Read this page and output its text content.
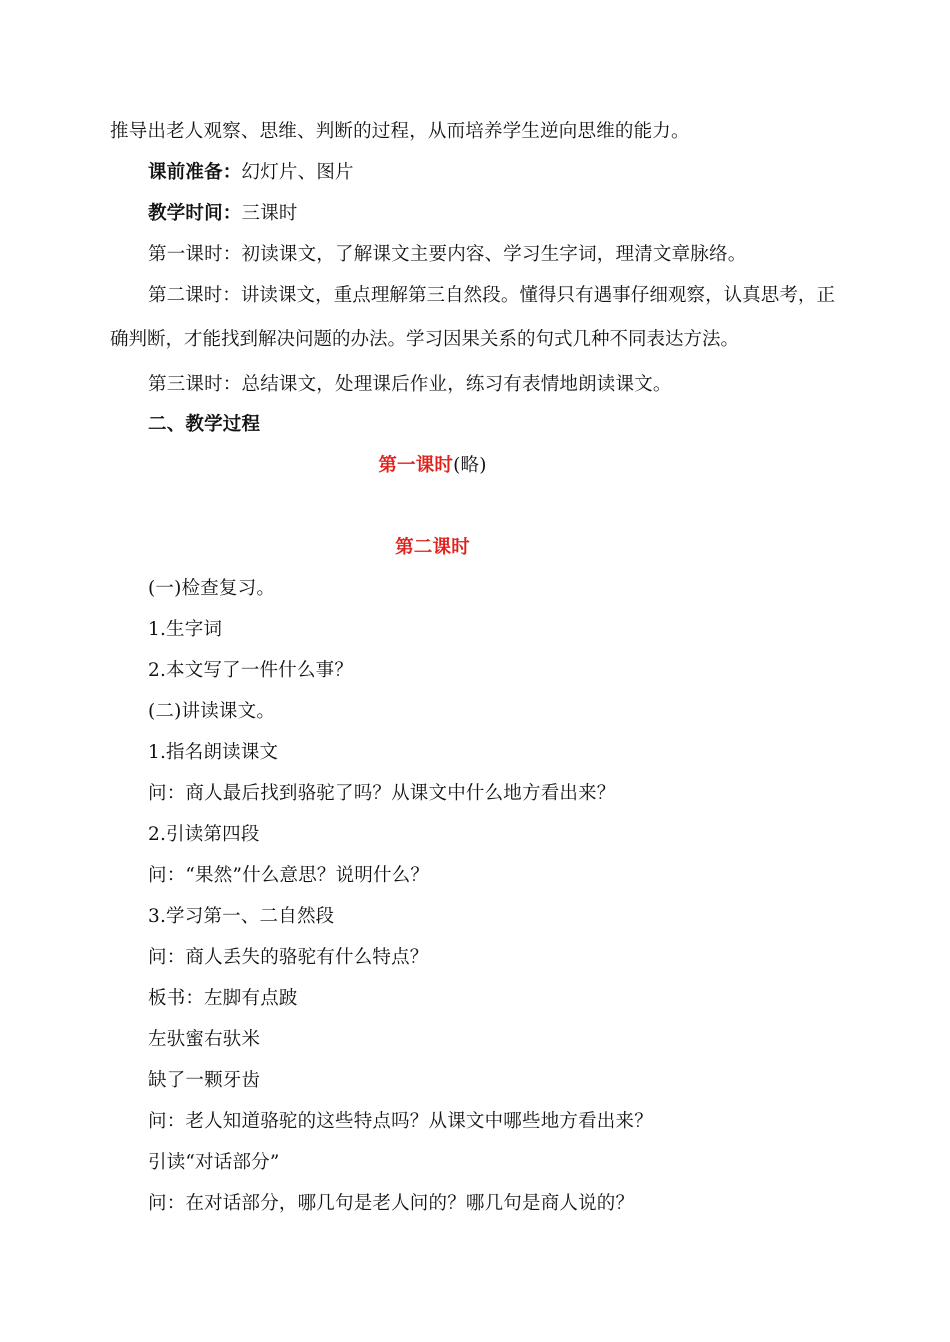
推导出老人观察、思维、判断的过程，从而培养学生逆向思维的能力。
课前准备：幻灯片、图片
教学时间：三课时
第一课时：初读课文，了解课文主要内容、学习生字词，理清文章脉络。
第二课时：讲读课文，重点理解第三自然段。懂得只有遇事仔细观察，认真思考，正确判断，才能找到解决问题的办法。学习因果关系的句式几种不同表达方法。
第三课时：总结课文，处理课后作业，练习有表情地朗读课文。
二、教学过程
第一课时(略)
第二课时
(一)检查复习。
1.生字词
2.本文写了一件什么事？
(二)讲读课文。
1.指名朗读课文
问：商人最后找到骆驼了吗？从课文中什么地方看出来？
2.引读第四段
问：“果然”什么意思？说明什么？
3.学习第一、二自然段
问：商人丢失的骆驼有什么特点？
板书：左脚有点跛
左驮蜜右驮米
缺了一颗牙齿
问：老人知道骆驼的这些特点吗？从课文中哪些地方看出来？
引读“对话部分”
问：在对话部分，哪几句是老人问的？哪几句是商人说的？
